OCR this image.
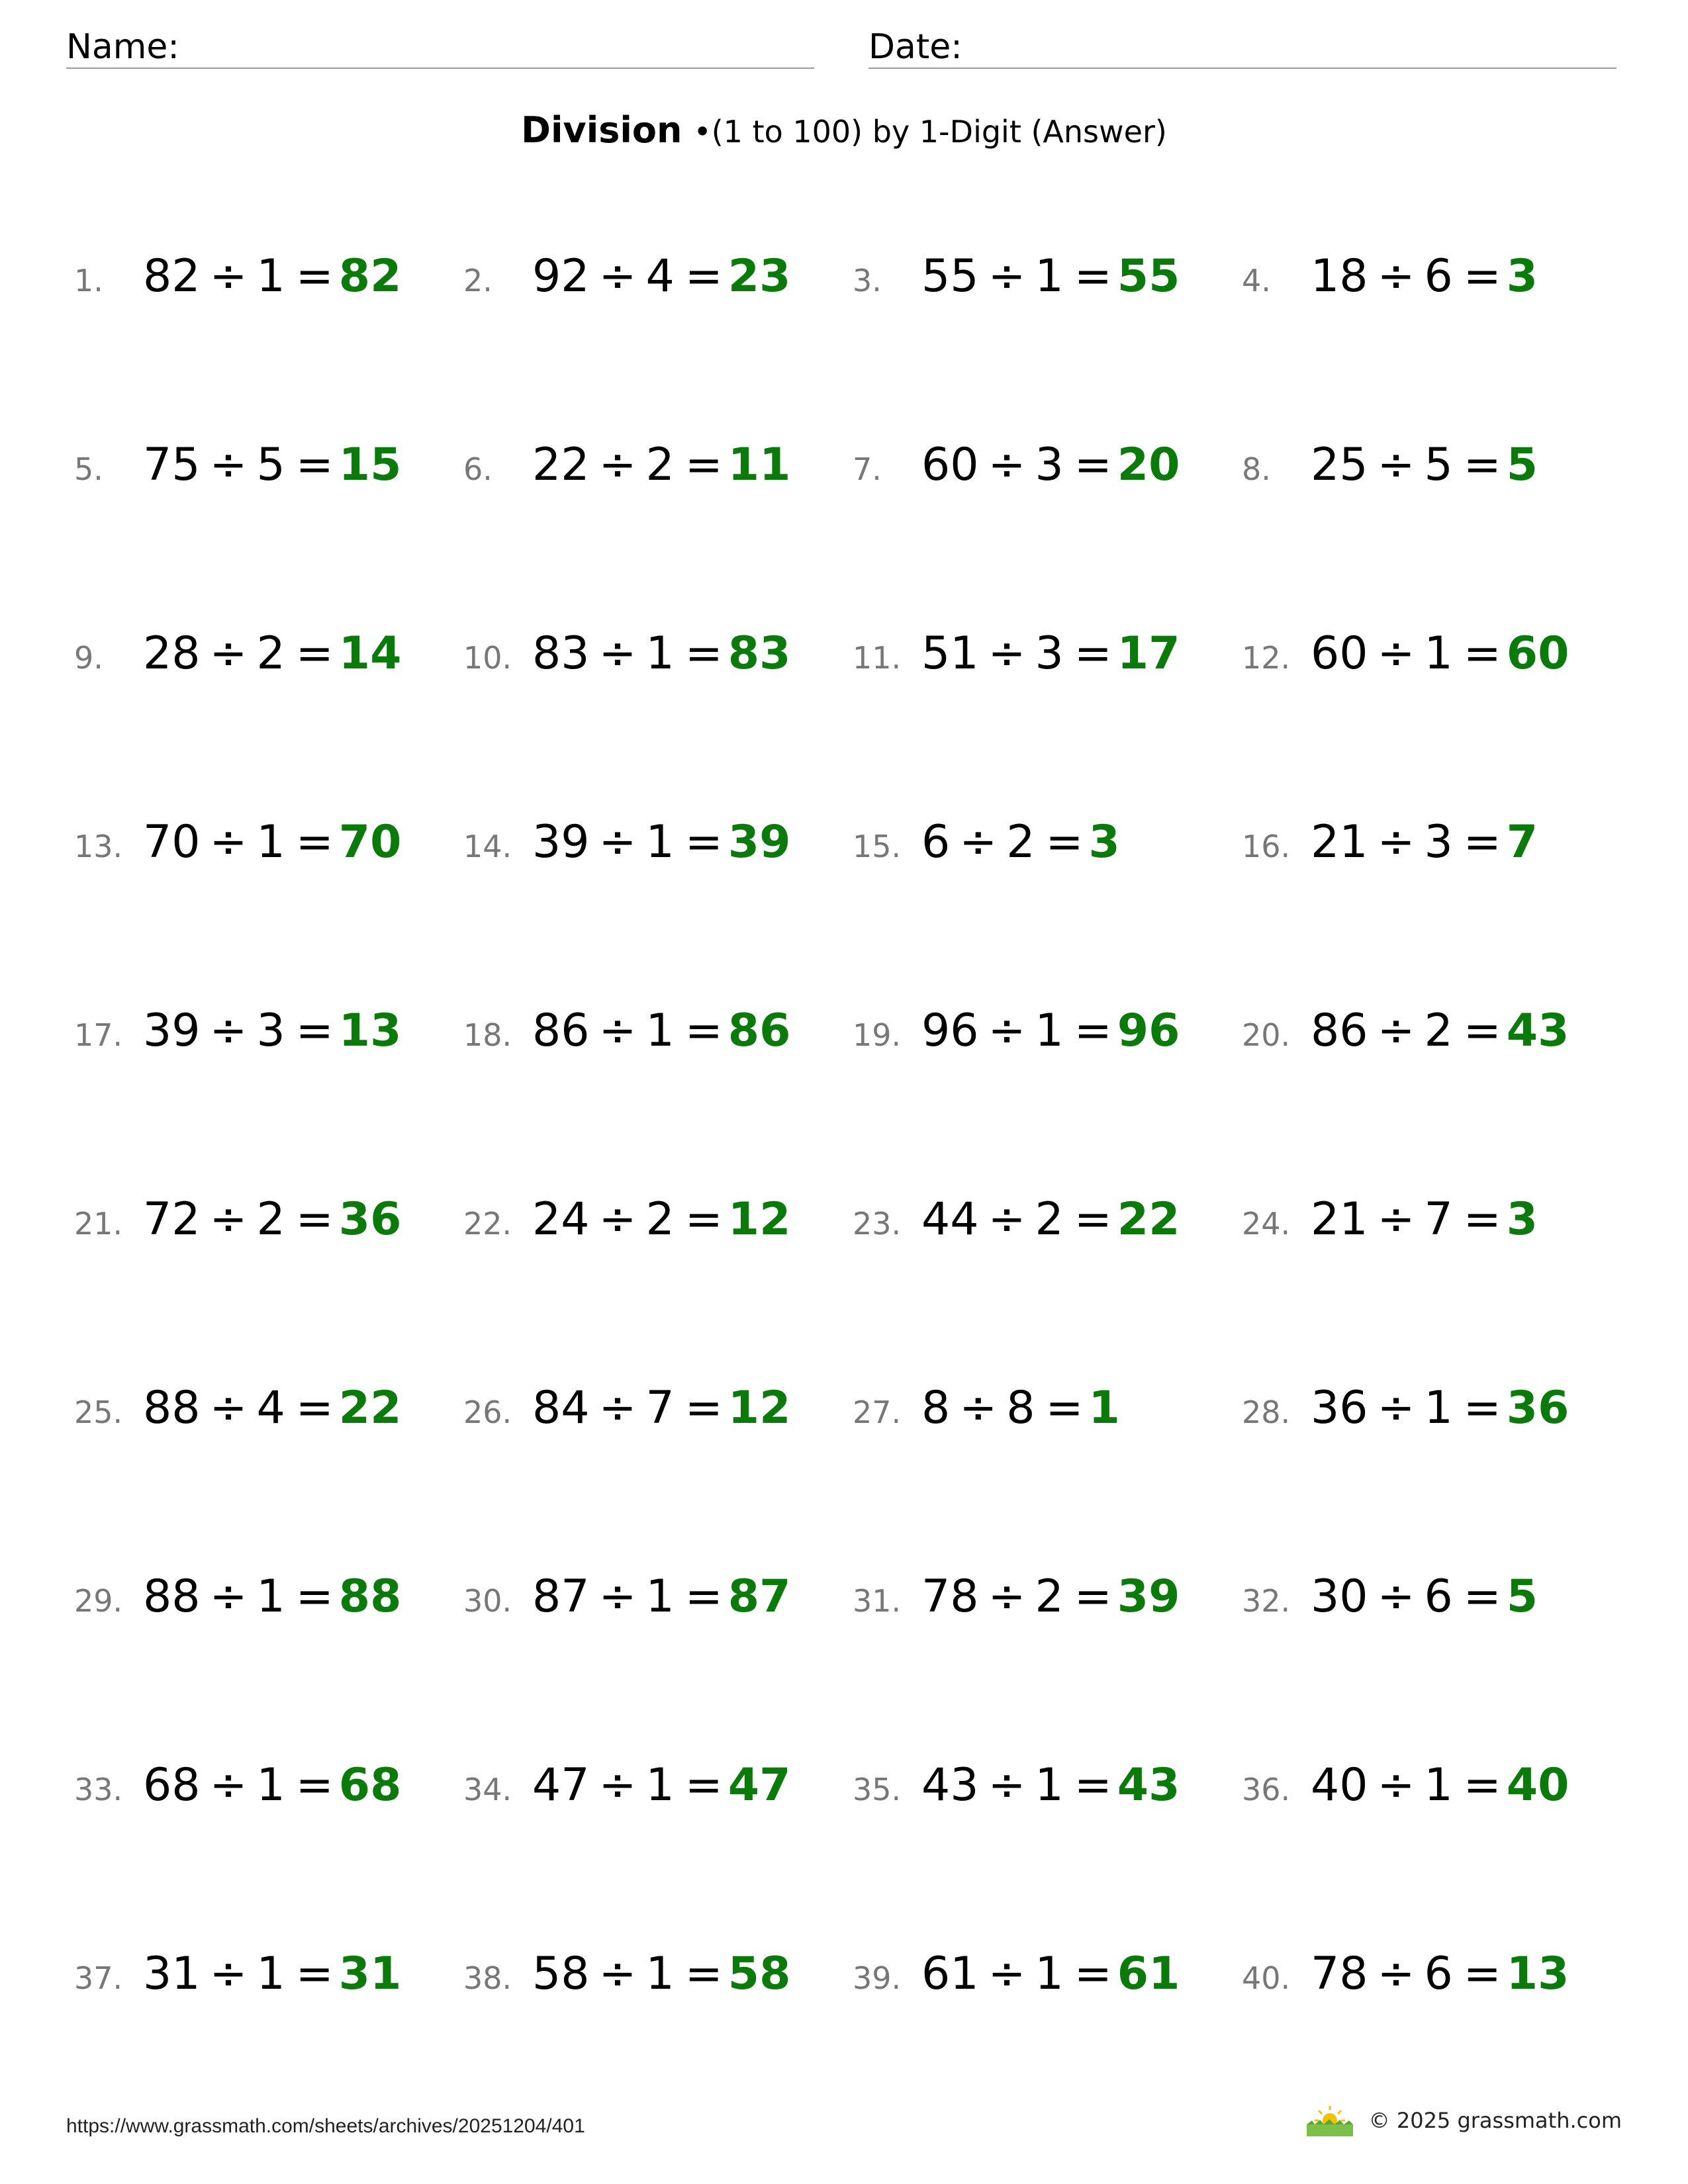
Name:	Date:
Division •(1 to 100) by 1-Digit (Answer)
1. 82 ÷ 1 = 82 2. 92 ÷ 4 = 23 3. 55 ÷ 1 = 55 4. 18 ÷ 6 = 3
5. 75 ÷ 5 = 15 6. 22 ÷ 2 = 11 7. 60 ÷ 3 = 20 8. 25 ÷ 5 = 5
9. 28 ÷ 2 = 14 10. 83 ÷ 1 = 83 11. 51 ÷ 3 = 17 12. 60 ÷ 1 = 60
13. 70 ÷ 1 = 70 14. 39 ÷ 1 = 39 15. 6 ÷ 2 = 3	16. 21 ÷ 3 = 7
17. 39 ÷ 3 = 13 18. 86 ÷ 1 = 86 19. 96 ÷ 1 = 96 20. 86 ÷ 2 = 43
21. 72 ÷ 2 = 36 22. 24 ÷ 2 = 12 23. 44 ÷ 2 = 22 24. 21 ÷ 7 = 3
25. 88 ÷ 4 = 22 26. 84 ÷ 7 = 12 27. 8 ÷ 8 = 1	28. 36 ÷ 1 = 36
29. 88 ÷ 1 = 88 30. 87 ÷ 1 = 87 31. 78 ÷ 2 = 39 32. 30 ÷ 6 = 5
33. 68 ÷ 1 = 68 34. 47 ÷ 1 = 47 35. 43 ÷ 1 = 43 36. 40 ÷ 1 = 40
37. 31 ÷ 1 = 31 38. 58 ÷ 1 = 58 39. 61 ÷ 1 = 61 40. 78 ÷ 6 = 13
https://www.grassmath.com/sheets/archives/20251204/401	© 2025 grassmath.com
